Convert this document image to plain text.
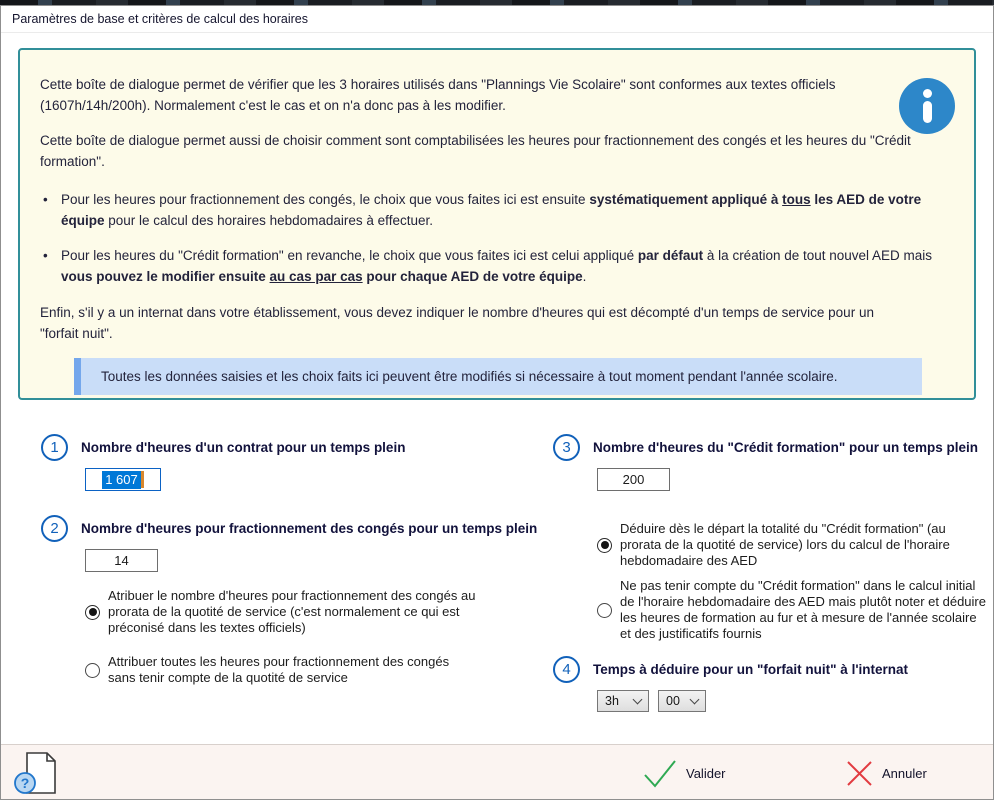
Paramètres de base et critères de calcul des horaires

Cette boîte de dialogue permet de vérifier que les 3 horaires utilisés dans "Plannings Vie Scolaire" sont conformes aux textes officiels (1607h/14h/200h). Normalement c'est le cas et on n'a donc pas à les modifier.

Cette boîte de dialogue permet aussi de choisir comment sont comptabilisées les heures pour fractionnement des congés et les heures du "Crédit formation".

• Pour les heures pour fractionnement des congés, le choix que vous faites ici est ensuite systématiquement appliqué à tous les AED de votre équipe pour le calcul des horaires hebdomadaires à effectuer.
• Pour les heures du "Crédit formation" en revanche, le choix que vous faites ici est celui appliqué par défaut à la création de tout nouvel AED mais vous pouvez le modifier ensuite au cas par cas pour chaque AED de votre équipe.

Enfin, s'il y a un internat dans votre établissement, vous devez indiquer le nombre d'heures qui est décompté d'un temps de service pour un "forfait nuit".

Toutes les données saisies et les choix faits ici peuvent être modifiés si nécessaire à tout moment pendant l'année scolaire.
1	Nombre d'heures d'un contrat pour un temps plein
1 607
2	Nombre d'heures pour fractionnement des congés pour un temps plein
14
Atribuer le nombre d'heures pour fractionnement des congés au prorata de la quotité de service (c'est normalement ce qui est préconisé dans les textes officiels)
Attribuer toutes les heures pour fractionnement des congés sans tenir compte de la quotité de service
3	Nombre d'heures du "Crédit formation" pour un temps plein
200
Déduire dès le départ la totalité du "Crédit formation" (au prorata de la quotité de service) lors du calcul de l'horaire hebdomadaire des AED
Ne pas tenir compte du "Crédit formation" dans le calcul initial de l'horaire hebdomadaire des AED mais plutôt noter et déduire les heures de formation au fur et à mesure de l'année scolaire et des justificatifs fournis
4	Temps à déduire pour un "forfait nuit" à l'internat
3h	00
?
Valider	Annuler
